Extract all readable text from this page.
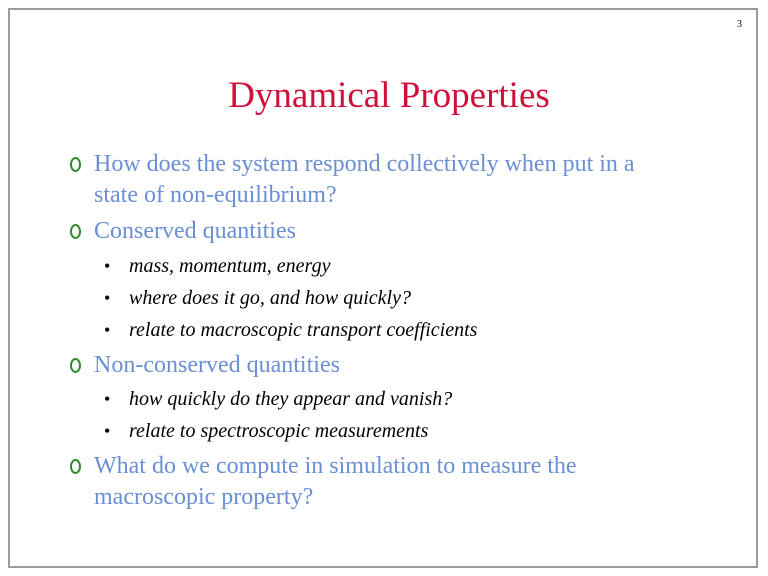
3
Dynamical Properties
How does the system respond collectively when put in a
state of non-equilibrium?
Conserved quantities
• mass, momentum, energy
• where does it go, and how quickly?
• relate to macroscopic transport coefficients
Non-conserved quantities
• how quickly do they appear and vanish?
• relate to spectroscopic measurements
What do we compute in simulation to measure the
macroscopic property?
